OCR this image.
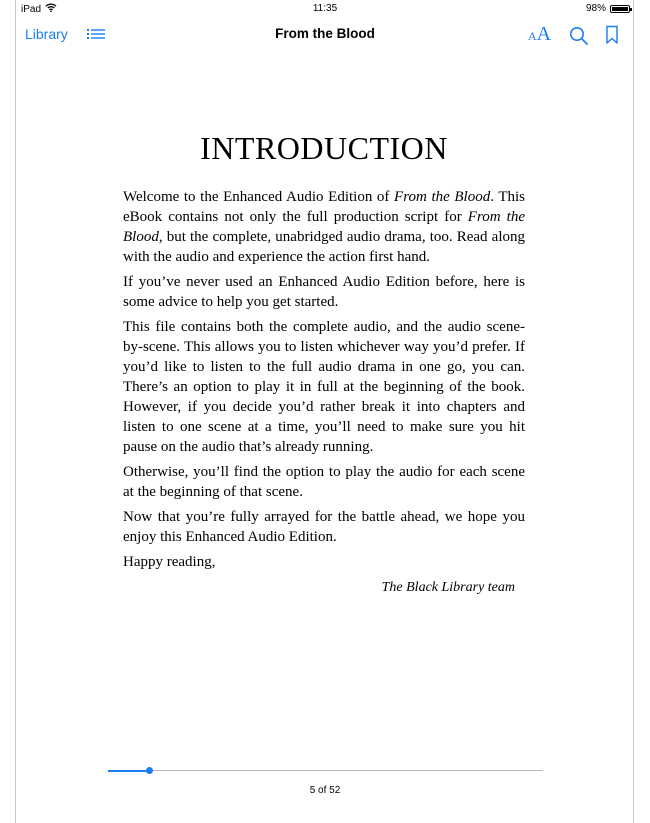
iPad	11:35	98%
Library	From the Blood	AA
INTRODUCTION

Welcome to the Enhanced Audio Edition of From the Blood. This eBook contains not only the full production script for From the Blood, but the complete, unabridged audio drama, too. Read along with the audio and experience the action first hand.

If you’ve never used an Enhanced Audio Edition before, here is some advice to help you get started.

This file contains both the complete audio, and the audio scene-by-scene. This allows you to listen whichever way you’d prefer. If you’d like to listen to the full audio drama in one go, you can. There’s an option to play it in full at the beginning of the book. However, if you decide you’d rather break it into chapters and listen to one scene at a time, you’ll need to make sure you hit pause on the audio that’s already running.

Otherwise, you’ll find the option to play the audio for each scene at the beginning of that scene.

Now that you’re fully arrayed for the battle ahead, we hope you enjoy this Enhanced Audio Edition.

Happy reading,

The Black Library team
5 of 52
